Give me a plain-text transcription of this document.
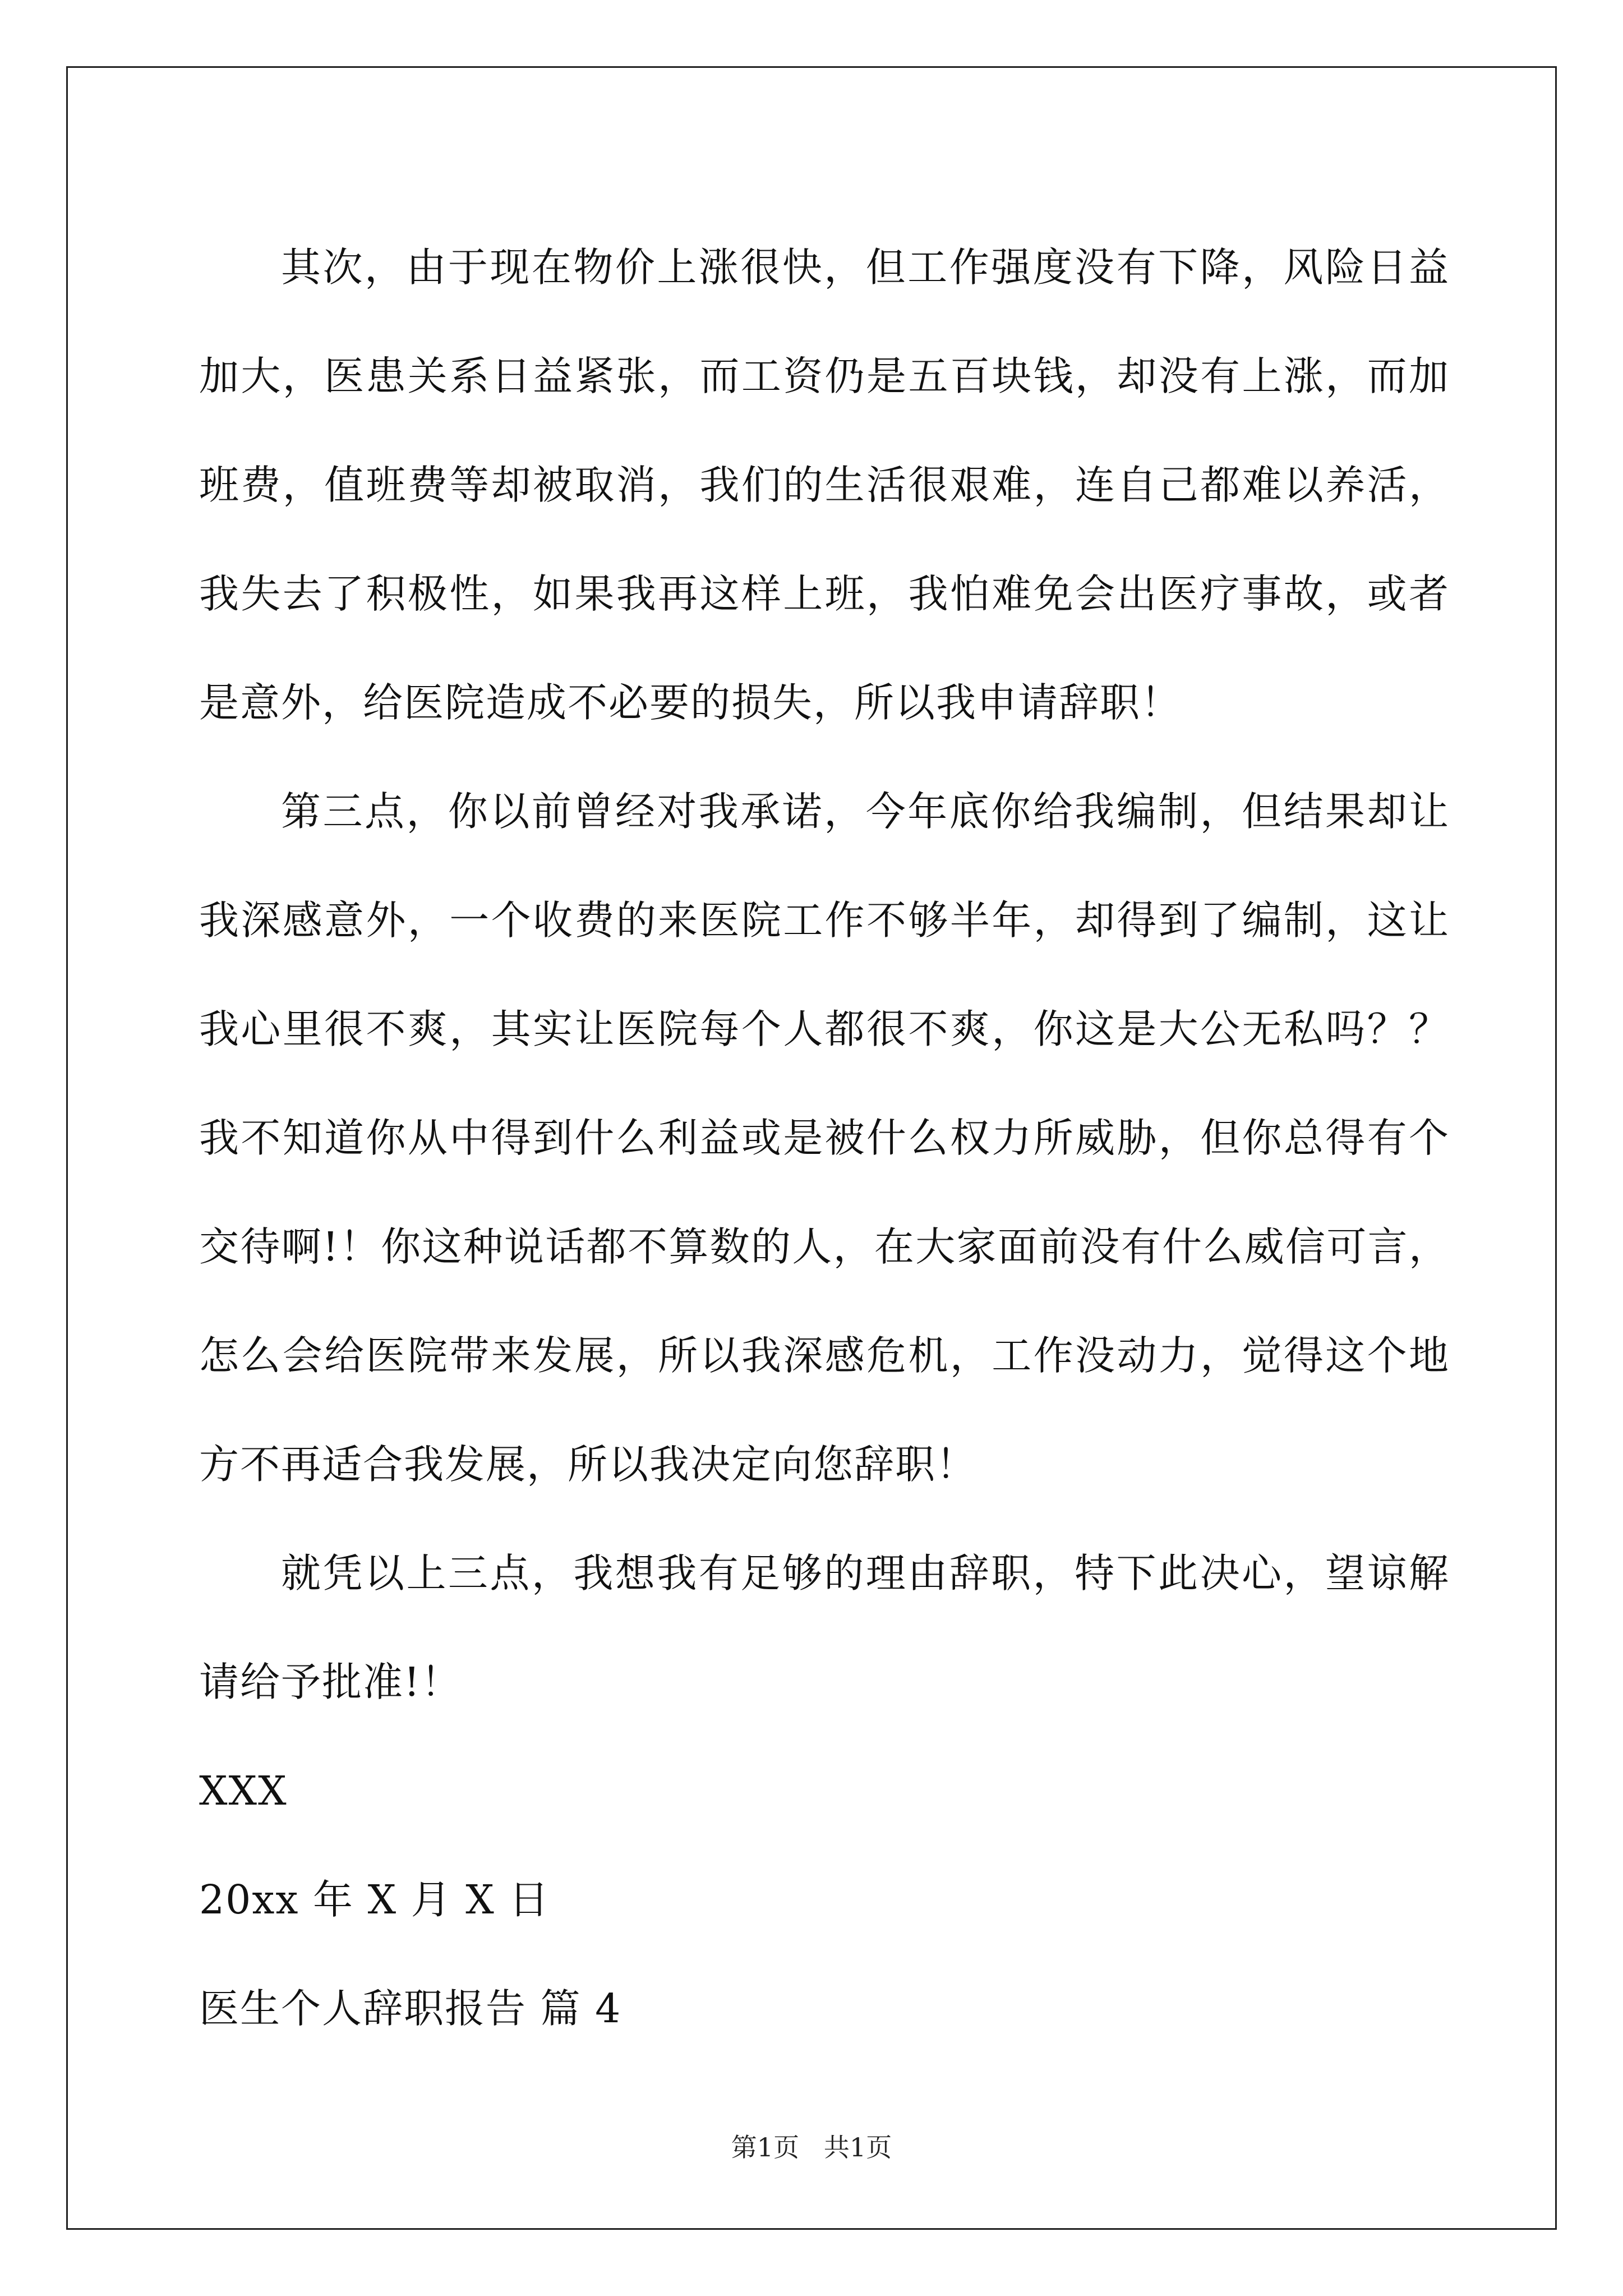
其次，由于现在物价上涨很快，但工作强度没有下降，风险日益加大，医患关系日益紧张，而工资仍是五百块钱，却没有上涨，而加班费，值班费等却被取消，我们的生活很艰难，连自己都难以养活，我失去了积极性，如果我再这样上班，我怕难免会出医疗事故，或者是意外，给医院造成不必要的损失，所以我申请辞职！

第三点，你以前曾经对我承诺，今年底你给我编制，但结果却让我深感意外，一个收费的来医院工作不够半年，却得到了编制，这让我心里很不爽，其实让医院每个人都很不爽，你这是大公无私吗？？我不知道你从中得到什么利益或是被什么权力所威胁，但你总得有个交待啊!！你这种说话都不算数的人，在大家面前没有什么威信可言，怎么会给医院带来发展，所以我深感危机，工作没动力，觉得这个地方不再适合我发展，所以我决定向您辞职！

就凭以上三点，我想我有足够的理由辞职，特下此决心，望谅解请给予批准!！

XXX

20xx 年 X 月 X 日

医生个人辞职报告 篇 4

第1页   共1页
